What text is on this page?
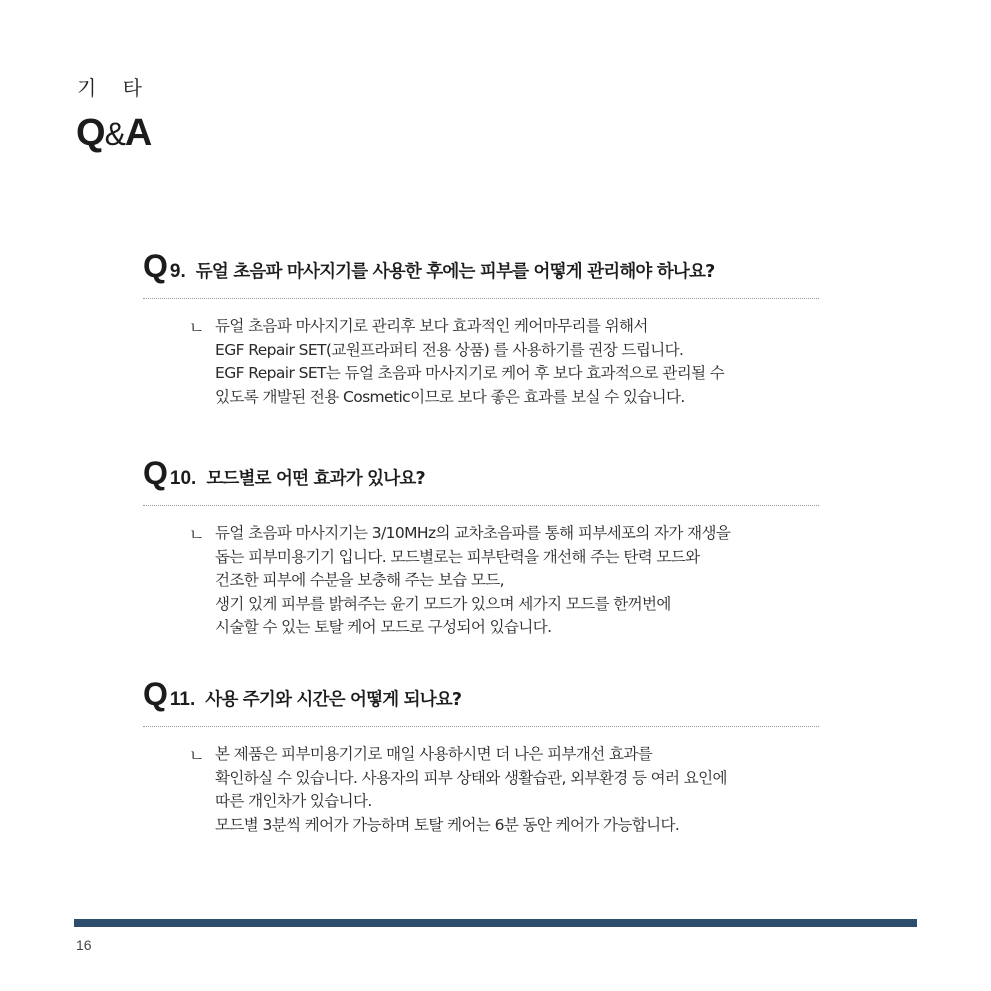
기 타
Q&A
Q 9. 듀얼 초음파 마사지기를 사용한 후에는 피부를 어떻게 관리해야 하나요?
ㄴ 듀얼 초음파 마사지기로 관리후 보다 효과적인 케어마무리를 위해서
EGF Repair SET(교원프라퍼티 전용 상품) 를 사용하기를 권장 드립니다.
EGF Repair SET는 듀얼 초음파 마사지기로 케어 후 보다 효과적으로 관리될 수
있도록 개발된 전용 Cosmetic이므로 보다 좋은 효과를 보실 수 있습니다.
Q 10. 모드별로 어떤 효과가 있나요?
ㄴ 듀얼 초음파 마사지기는 3/10MHz의 교차초음파를 통해 피부세포의 자가 재생을
돕는 피부미용기기 입니다. 모드별로는 피부탄력을 개선해 주는 탄력 모드와
건조한 피부에 수분을 보충해 주는 보습 모드,
생기 있게 피부를 밝혀주는 윤기 모드가 있으며 세가지 모드를 한꺼번에
시술할 수 있는 토탈 케어 모드로 구성되어 있습니다.
Q 11. 사용 주기와 시간은 어떻게 되나요?
ㄴ 본 제품은 피부미용기기로 매일 사용하시면 더 나은 피부개선 효과를
확인하실 수 있습니다. 사용자의 피부 상태와 생활습관, 외부환경 등 여러 요인에
따른 개인차가 있습니다.
모드별 3분씩 케어가 가능하며 토탈 케어는 6분 동안 케어가 가능합니다.
16
